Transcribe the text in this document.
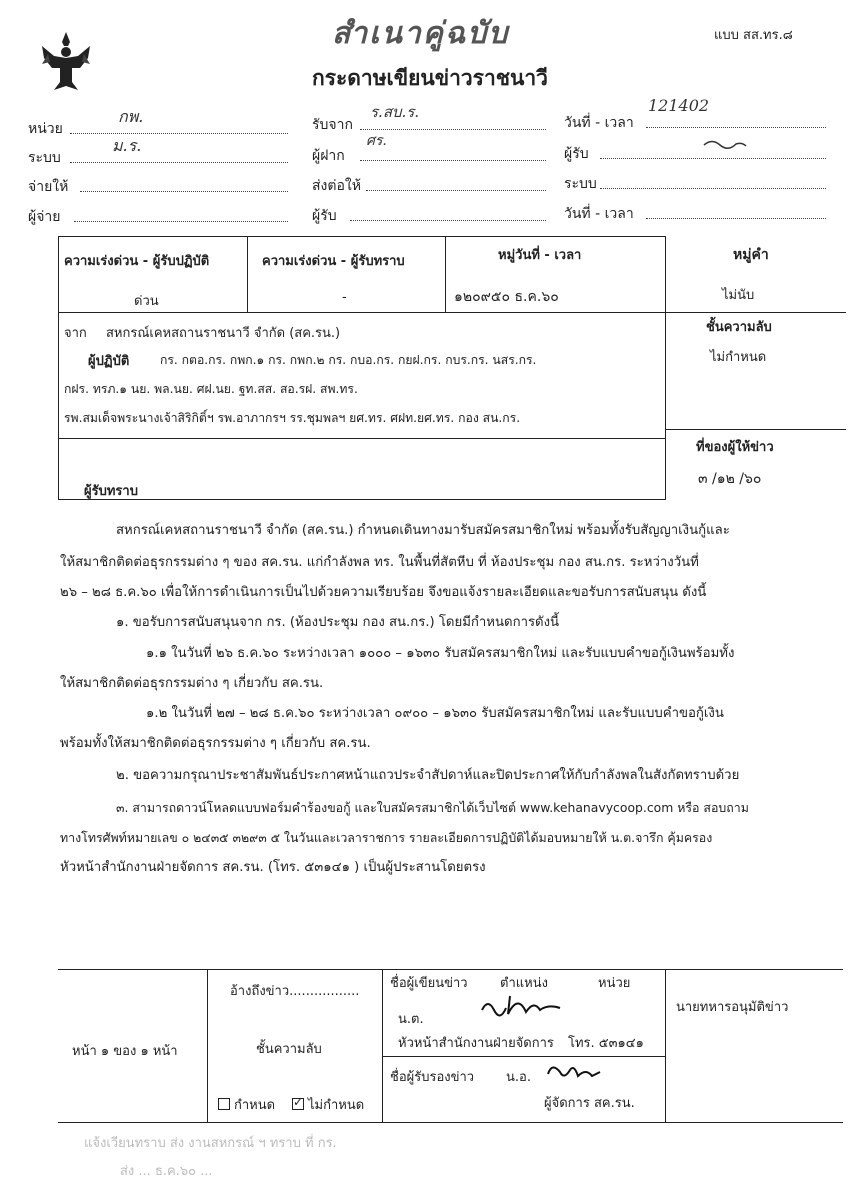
สำเนาคู่ฉบับ
กระดาษเขียนข่าวราชนาวี
แบบ สส.ทร.๘
หน่วย
กพ.
ระบบ
ม.ร.
จ่ายให้
ผู้จ่าย
รับจาก
ร.สบ.ร.
ผู้ฝาก
ศร.
ส่งต่อให้
ผู้รับ
วันที่ - เวลา
121402
ผู้รับ
ระบบ
วันที่ - เวลา
ความเร่งด่วน - ผู้รับปฏิบัติ
ด่วน
ความเร่งด่วน - ผู้รับทราบ
-
หมู่วันที่ - เวลา
๑๒๐๙๕๐ ธ.ค.๖๐
หมู่คำ
ไม่นับ
ชั้นความลับ
ไม่กำหนด
ที่ของผู้ให้ข่าว
๓ /๑๒ /๖๐
จาก สหกรณ์เคหสถานราชนาวี จำกัด (สค.รน.)
ผู้ปฏิบัติ	กร. กตอ.กร. กพก.๑ กร. กพก.๒ กร. กบอ.กร. กยฝ.กร. กบร.กร. นสร.กร.
กฝร. ทรภ.๑ นย. พล.นย. ศฝ.นย. ฐท.สส. สอ.รฝ. สพ.ทร.
รพ.สมเด็จพระนางเจ้าสิริกิติ์ฯ รพ.อาภากรฯ รร.ชุมพลฯ ยศ.ทร. ศฝท.ยศ.ทร. กอง สน.กร.
ผู้รับทราบ
สหกรณ์เคหสถานราชนาวี จำกัด (สค.รน.) กำหนดเดินทางมารับสมัครสมาชิกใหม่ พร้อมทั้งรับสัญญาเงินกู้และ
ให้สมาชิกติดต่อธุรกรรมต่าง ๆ ของ สค.รน. แก่กำลังพล ทร. ในพื้นที่สัตหีบ ที่ ห้องประชุม กอง สน.กร. ระหว่างวันที่
๒๖ – ๒๘ ธ.ค.๖๐ เพื่อให้การดำเนินการเป็นไปด้วยความเรียบร้อย จึงขอแจ้งรายละเอียดและขอรับการสนับสนุน ดังนี้
๑. ขอรับการสนับสนุนจาก กร. (ห้องประชุม กอง สน.กร.) โดยมีกำหนดการดังนี้
๑.๑ ในวันที่ ๒๖ ธ.ค.๖๐ ระหว่างเวลา ๑๐๐๐ – ๑๖๓๐ รับสมัครสมาชิกใหม่ และรับแบบคำขอกู้เงินพร้อมทั้ง
ให้สมาชิกติดต่อธุรกรรมต่าง ๆ เกี่ยวกับ สค.รน.
๑.๒ ในวันที่ ๒๗ – ๒๘ ธ.ค.๖๐ ระหว่างเวลา ๐๙๐๐ – ๑๖๓๐ รับสมัครสมาชิกใหม่ และรับแบบคำขอกู้เงิน
พร้อมทั้งให้สมาชิกติดต่อธุรกรรมต่าง ๆ เกี่ยวกับ สค.รน.
๒. ขอความกรุณาประชาสัมพันธ์ประกาศหน้าแถวประจำสัปดาห์และปิดประกาศให้กับกำลังพลในสังกัดทราบด้วย
๓. สามารถดาวน์โหลดแบบฟอร์มคำร้องขอกู้ และใบสมัครสมาชิกได้เว็บไซต์ www.kehanavycoop.com หรือ สอบถาม
ทางโทรศัพท์หมายเลข ๐ ๒๔๓๕ ๓๒๙๓ ๕ ในวันและเวลาราชการ รายละเอียดการปฏิบัติได้มอบหมายให้ น.ต.จารึก คุ้มครอง
หัวหน้าสำนักงานฝ่ายจัดการ สค.รน. (โทร. ๕๓๑๔๑ ) เป็นผู้ประสานโดยตรง
หน้า ๑ ของ ๑ หน้า
อ้างถึงข่าว.................
ชั้นความลับ
กำหนด
✓	ไม่กำหนด
ชื่อผู้เขียนข่าว ตำแหน่ง	หน่วย
น.ต.
หัวหน้าสำนักงานฝ่ายจัดการ โทร. ๕๓๑๔๑
ชื่อผู้รับรองข่าว น.อ.
ผู้จัดการ สค.รน.
นายทหารอนุมัติข่าว
แจ้งเวียนทราบ ส่ง งานสหกรณ์ ฯ ทราบ ที่ กร.
ส่ง ... ธ.ค.๖๐ ...
